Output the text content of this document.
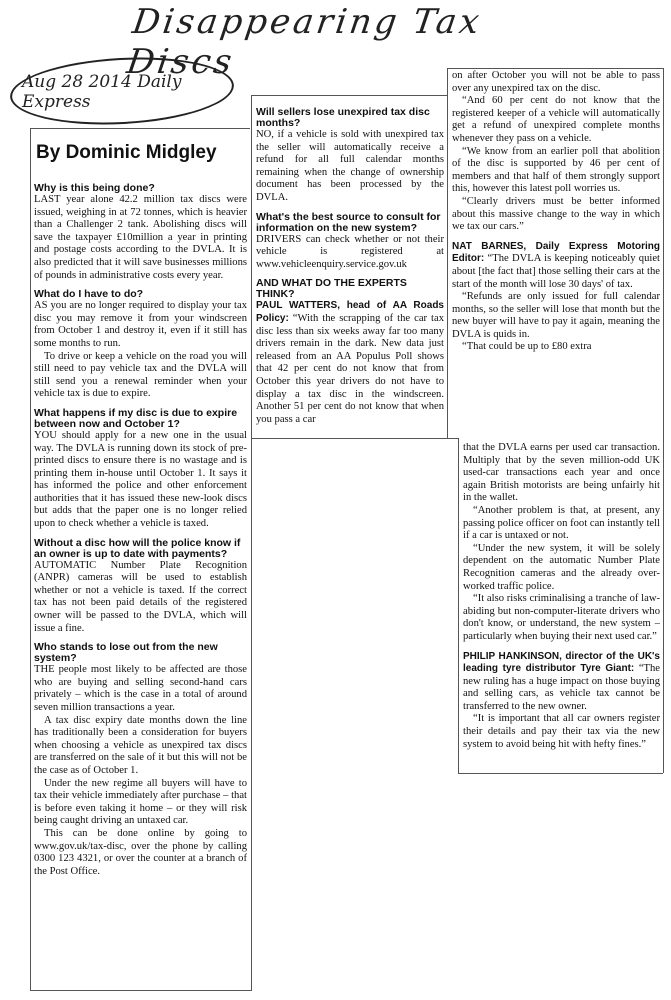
Disappearing Tax Discs
Aug 28 2014 Daily Express
By Dominic Midgley

Why is this being done?

LAST year alone 42.2 million tax discs were issued, weighing in at 72 tonnes, which is heavier than a Challenger 2 tank. Abolishing discs will save the taxpayer £10million a year in printing and postage costs according to the DVLA. It is also predicted that it will save businesses millions of pounds in administrative costs every year.

What do I have to do?

AS you are no longer required to display your tax disc you may remove it from your windscreen from October 1 and destroy it, even if it still has some months to run.

To drive or keep a vehicle on the road you will still need to pay vehicle tax and the DVLA will still send you a renewal reminder when your vehicle tax is due to expire.

What happens if my disc is due to expire between now and October 1?

YOU should apply for a new one in the usual way. The DVLA is running down its stock of pre-printed discs to ensure there is no wastage and is printing them in-house until October 1. It says it has informed the police and other enforcement authorities that it has issued these new-look discs but adds that the paper one is no longer relied upon to check whether a vehicle is taxed.

Without a disc how will the police know if an owner is up to date with payments?

AUTOMATIC Number Plate Recognition (ANPR) cameras will be used to establish whether or not a vehicle is taxed. If the correct tax has not been paid details of the registered owner will be passed to the DVLA, which will issue a fine.

Who stands to lose out from the new system?

THE people most likely to be affected are those who are buying and selling second-hand cars privately – which is the case in a total of around seven million transactions a year.

A tax disc expiry date months down the line has traditionally been a consideration for buyers when choosing a vehicle as unexpired tax discs are transferred on the sale of it but this will not be the case as of October 1.

Under the new regime all buyers will have to tax their vehicle immediately after purchase – that is before even taking it home – or they will risk being caught driving an untaxed car.

This can be done online by going to www.gov.uk/tax-disc, over the phone by calling 0300 123 4321, or over the counter at a branch of the Post Office.

Will sellers lose unexpired tax disc months?

NO, if a vehicle is sold with unexpired tax the seller will automatically receive a refund for all full calendar months remaining when the change of ownership document has been processed by the DVLA.

What's the best source to consult for information on the new system?

DRIVERS can check whether or not their vehicle is registered at www.vehicleenquiry.service.gov.uk

AND WHAT DO THE EXPERTS THINK?

PAUL WATTERS, head of AA Roads Policy: “With the scrapping of the car tax disc less than six weeks away far too many drivers remain in the dark. New data just released from an AA Populus Poll shows that 42 per cent do not know that from October this year drivers do not have to display a tax disc in the windscreen. Another 51 per cent do not know that when you pass a car

on after October you will not be able to pass over any unexpired tax on the disc.

“And 60 per cent do not know that the registered keeper of a vehicle will automatically get a refund of unexpired complete months whenever they pass on a vehicle.

“We know from an earlier poll that abolition of the disc is supported by 46 per cent of members and that half of them strongly support this, however this latest poll worries us.

“Clearly drivers must be better informed about this massive change to the way in which we tax our cars.”

NAT BARNES, Daily Express Motoring Editor: “The DVLA is keeping noticeably quiet about [the fact that] those selling their cars at the start of the month will lose 30 days' of tax.

“Refunds are only issued for full calendar months, so the seller will lose that month but the new buyer will have to pay it again, meaning the DVLA is quids in.

“That could be up to £80 extra

that the DVLA earns per used car transaction. Multiply that by the seven million-odd UK used-car transactions each year and once again British motorists are being unfairly hit in the wallet.

“Another problem is that, at present, any passing police officer on foot can instantly tell if a car is untaxed or not.

“Under the new system, it will be solely dependent on the automatic Number Plate Recognition cameras and the already over-worked traffic police.

“It also risks criminalising a tranche of law-abiding but non-computer-literate drivers who don't know, or understand, the new system – particularly when buying their next used car.”

PHILIP HANKINSON, director of the UK's leading tyre distributor Tyre Giant: “The new ruling has a huge impact on those buying and selling cars, as vehicle tax cannot be transferred to the new owner.

“It is important that all car owners register their details and pay their tax via the new system to avoid being hit with hefty fines.”
